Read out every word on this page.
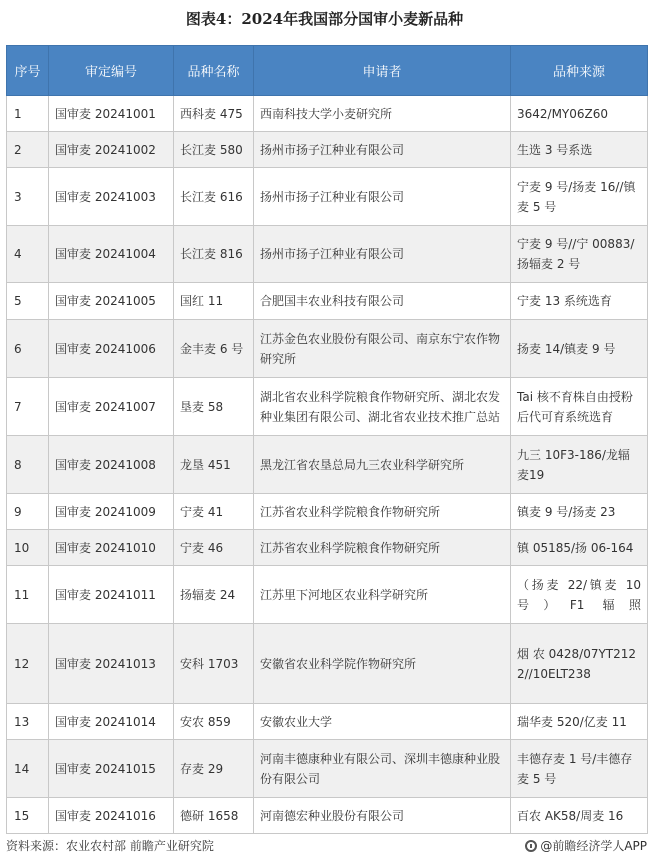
图表4：2024年我国部分国审小麦新品种
序号	审定编号	品种名称	申请者	品种来源
1	国审麦 20241001	西科麦 475	西南科技大学小麦研究所	3642/MY06Z60
2	国审麦 20241002	长江麦 580	扬州市扬子江种业有限公司	生选 3 号系选
3	国审麦 20241003	长江麦 616	扬州市扬子江种业有限公司	宁麦 9 号/扬麦 16//镇麦 5 号
4	国审麦 20241004	长江麦 816	扬州市扬子江种业有限公司	宁麦 9 号//宁 00883/扬辐麦 2 号
5	国审麦 20241005	国红 11	合肥国丰农业科技有限公司	宁麦 13 系统选育
6	国审麦 20241006	金丰麦 6 号	江苏金色农业股份有限公司、南京东宁农作物研究所	扬麦 14/镇麦 9 号
7	国审麦 20241007	垦麦 58	湖北省农业科学院粮食作物研究所、湖北农发种业集团有限公司、湖北省农业技术推广总站	Tai 核不育株自由授粉后代可育系统选育
8	国审麦 20241008	龙垦 451	黑龙江省农垦总局九三农业科学研究所	九三 10F3-186/龙辐麦19
9	国审麦 20241009	宁麦 41	江苏省农业科学院粮食作物研究所	镇麦 9 号/扬麦 23
10	国审麦 20241010	宁麦 46	江苏省农业科学院粮食作物研究所	镇 05185/扬 06-164
11	国审麦 20241011	扬辐麦 24	江苏里下河地区农业科学研究所	（扬麦 22/镇麦 10 号）F1 辐照
12	国审麦 20241013	安科 1703	安徽省农业科学院作物研究所	烟 农 0428/07YT2122//10ELT238
13	国审麦 20241014	安农 859	安徽农业大学	瑞华麦 520/亿麦 11
14	国审麦 20241015	存麦 29	河南丰德康种业有限公司、深圳丰德康种业股份有限公司	丰德存麦 1 号/丰德存麦 5 号
15	国审麦 20241016	德研 1658	河南德宏种业股份有限公司	百农 AK58/周麦 16
资料来源：农业农村部 前瞻产业研究院	@前瞻经济学人APP
